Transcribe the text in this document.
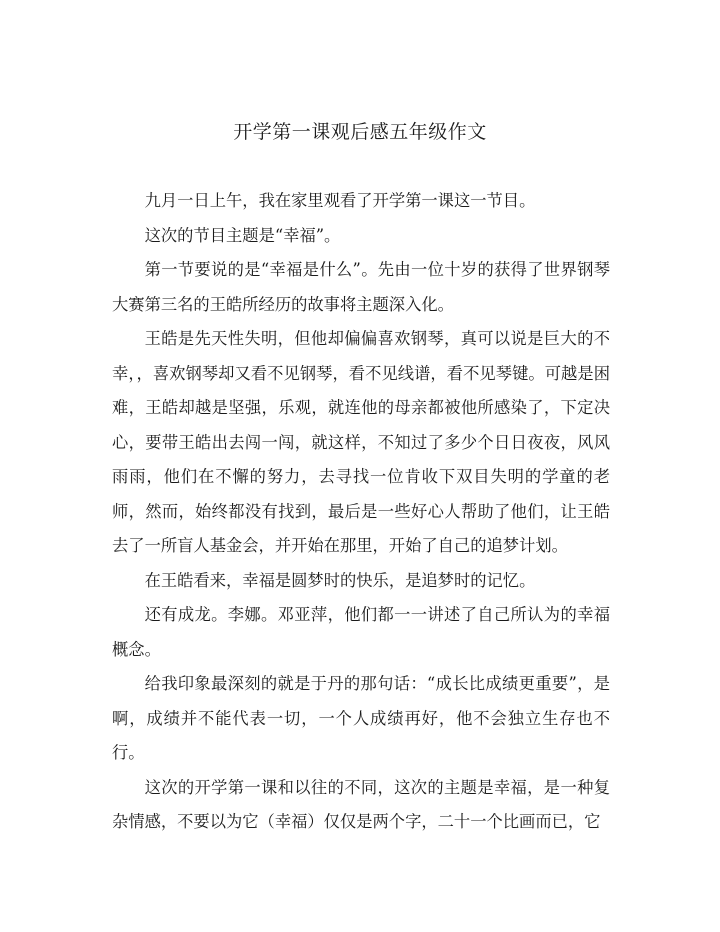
开学第一课观后感五年级作文

九月一日上午，我在家里观看了开学第一课这一节目。

这次的节目主题是“幸福”。

第一节要说的是“幸福是什么”。先由一位十岁的获得了世界钢琴大赛第三名的王皓所经历的故事将主题深入化。

王皓是先天性失明，但他却偏偏喜欢钢琴，真可以说是巨大的不幸，，喜欢钢琴却又看不见钢琴，看不见线谱，看不见琴键。可越是困难，王皓却越是坚强，乐观，就连他的母亲都被他所感染了，下定决心，要带王皓出去闯一闯，就这样，不知过了多少个日日夜夜，风风雨雨，他们在不懈的努力，去寻找一位肯收下双目失明的学童的老师，然而，始终都没有找到，最后是一些好心人帮助了他们，让王皓去了一所盲人基金会，并开始在那里，开始了自己的追梦计划。

在王皓看来，幸福是圆梦时的快乐，是追梦时的记忆。

还有成龙。李娜。邓亚萍，他们都一一讲述了自己所认为的幸福概念。

给我印象最深刻的就是于丹的那句话：“成长比成绩更重要”，是啊，成绩并不能代表一切，一个人成绩再好，他不会独立生存也不行。

这次的开学第一课和以往的不同，这次的主题是幸福，是一种复杂情感，不要以为它（幸福）仅仅是两个字，二十一个比画而已，它
